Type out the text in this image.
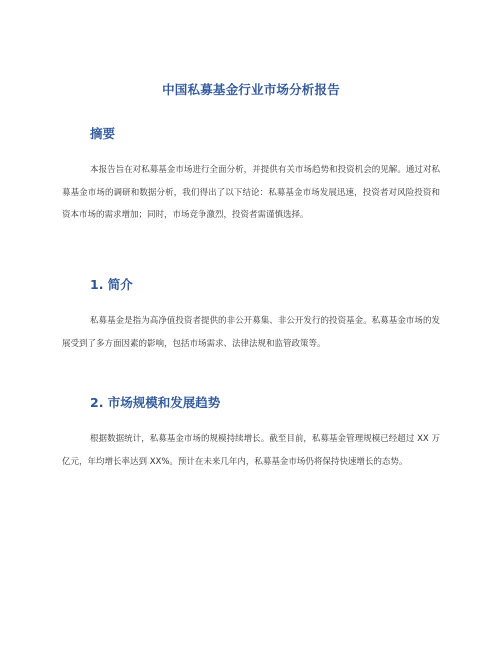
中国私募基金行业市场分析报告
摘要
本报告旨在对私募基金市场进行全面分析，并提供有关市场趋势和投资机会的见解。通过对私募基金市场的调研和数据分析，我们得出了以下结论：私募基金市场发展迅速，投资者对风险投资和资本市场的需求增加；同时，市场竞争激烈，投资者需谨慎选择。
1. 简介
私募基金是指为高净值投资者提供的非公开募集、非公开发行的投资基金。私募基金市场的发展受到了多方面因素的影响，包括市场需求、法律法规和监管政策等。
2. 市场规模和发展趋势
根据数据统计，私募基金市场的规模持续增长。截至目前，私募基金管理规模已经超过 XX 万亿元，年均增长率达到 XX%。预计在未来几年内，私募基金市场仍将保持快速增长的态势。
